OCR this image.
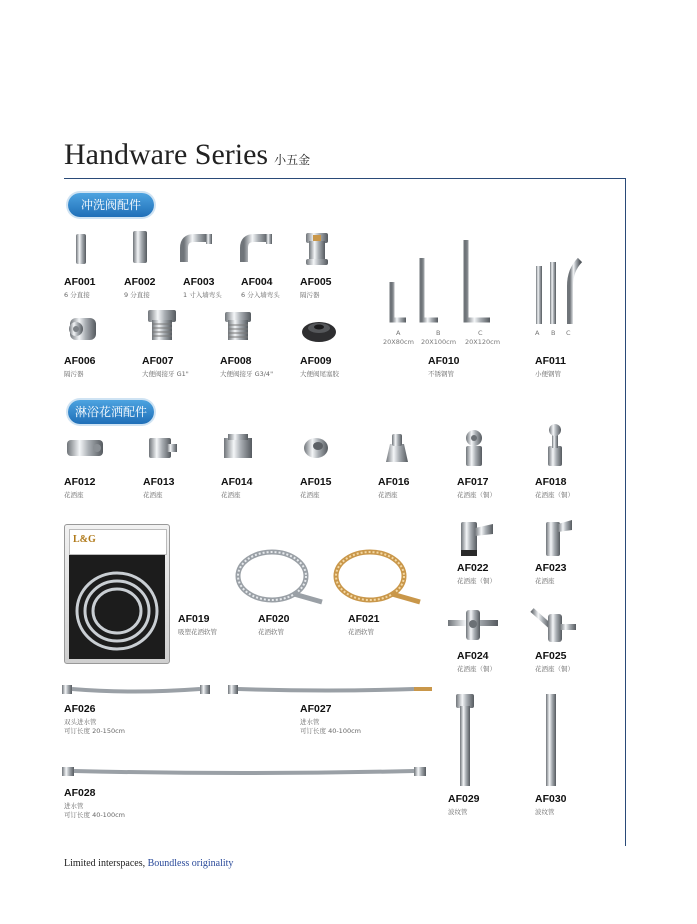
Handware Series 小五金
冲洗阀配件
淋浴花洒配件
AF001
6 分直接
AF002
9 分直接
AF003
1 寸入墙弯头
AF004
6 分入墙弯头
AF005
隔污器
A	B	C
20X80cm 20X100cm 20X120cm
A B C
AF006
隔污器
AF007
大便阀接牙 G1"
AF008
大便阀接牙 G3/4"
AF009
大便阀尾塞胶
AF010
不锈钢管
AF011
小便钢管
AF012
花洒座
AF013
花洒座
AF014
花洒座
AF015
花洒座
AF016
花洒座
AF017
花洒座（铜）
AF018
花洒座（铜）
L&G
AF019
吸塑花洒软管
AF020
花洒软管
AF021
花洒软管
AF022
花洒座（铜）
AF023
花洒座
AF024
花洒座（铜）
AF025
花洒座（铜）
AF026
双头进水管
可订长度 20-150cm
AF027
进水管
可订长度 40-100cm
AF028
进水管
可订长度 40-100cm
AF029
波纹管
AF030
波纹管
Limited interspaces, Boundless originality
